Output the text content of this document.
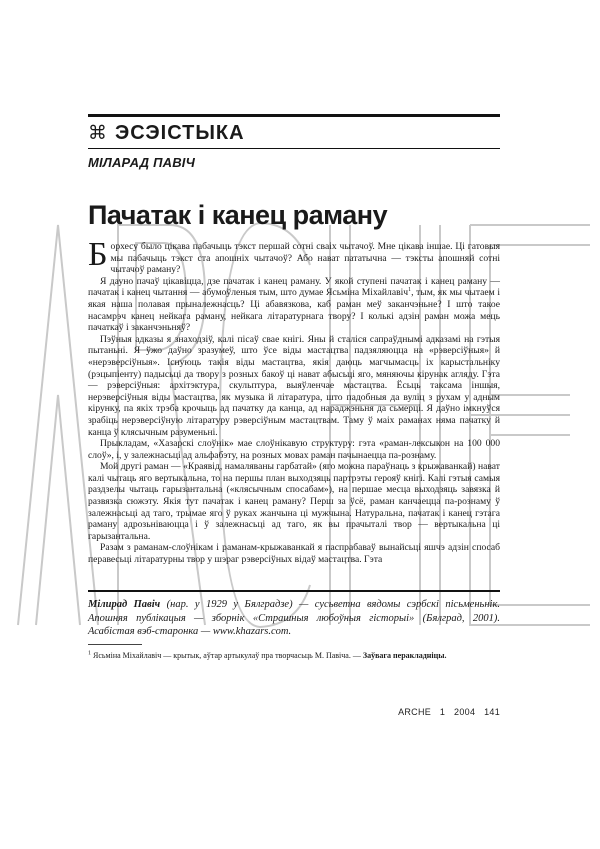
⌘ ЭСЭІСТЫКА
МІЛАРАД ПАВІЧ
Пачатак і канец раману

Борхесу было цікава пабачыць тэкст першай сотні сваіх чытачоў. Мне цікава іншае. Ці гатовыя мы пабачыць тэкст ста апошніх чытачоў? Або нават пататычна — тэксты апошняй сотні чытачоў раману?

Я дауно пачаў цікавіцца, дзе пачатак і канец раману. У якой ступені пачатак і канец раману — пачатак і канец чытання — абумоўленыя тым, што думае Ясьміна Міхайлавіч$^1$, тым, як мы чытаем і якая наша полавая прыналежнасць? Ці абавязкова, каб раман меў заканчэньне? І што такое насамрэч канец нейкага раману, нейкага літаратурнага твору? І колькі адзін раман можа мець пачаткаў і заканчэньняў?

Пэўныя адказы я знаходзіў, калі пісаў свае кнігі. Яны й сталіся сапраўднымі адказамі на гэтыя пытаньні. Я ўжо даўно зразумеў, што ўсе віды мастацтва падзяляюцца на «рэверсіўныя» й «нерэверсіўныя». Існуюць такія віды мастацтва, якія даюць магчымасць іх карыстальніку (рэцыпіенту) падысьці да твору з розных бакоў ці нават абысьці яго, мяняючы кірунак агляду. Гэта — рэверсіўныя: архітэктура, скульптура, выяўленчае мастацтва. Ёсьць таксама іншыя, нерэверсіўныя віды мастацтва, як музыка й літаратура, што падобныя да вуліц з рухам у адным кірунку, па якіх трэба крочыць ад пачатку да канца, ад нараджэньня да сьмерці. Я даўно імкнуўся зрабіць нерэверсіўную літаратуру рэверсіўным мастацтвам. Таму ў маіх раманах няма пачатку й канца ў клясычным разуменьні.

Прыкладам, «Хазарскі слоўнік» мае слоўнікавую структуру: гэта «раман-лексыкон на 100 000 слоў», і, у залежнасьці ад альфабэту, на розных мовах раман пачынаецца па-рознаму.

Мой другі раман — «Краявід, намаляваны гарбатай» (яго можна параўнаць з крыжаванкай) нават калі чытаць яго вертыкальна, то на першы план выходзяць партрэты герояў кнігі. Калі гэтыя самыя раздзелы чытаць гарызантальна («клясычным спосабам»), на першае месца выходзяць завязка й развязка сюжэту. Якія тут пачатак і канец раману? Перш за ўсё, раман канчаецца па-рознаму ў залежнасьці ад таго, трымае яго ў руках жанчына ці мужчына. Натуральна, пачатак і канец гэтага раману адрозьніваюцца і ў залежнасьці ад таго, як вы прачыталі твор — вертыкальна ці гарызантальна.

Разам з раманам-слоўнікам і раманам-крыжаванкай я паспрабаваў вынайсьці яшчэ адзін спосаб перавесьці літаратурны твор у шэраг рэверсіўных відаў мастацтва. Гэта

Мілирад Павіч (нар. у 1929 у Бялградзе) — сусьветна вядомы сэрбскі пісьменьнік. Апошняя публікацыя — зборнік «Страшныя любоўныя гісторыі» (Бялград, 2001). Асабістая вэб-старонка — www.khazars.com.
$^1$ Ясьміна Міхайлавіч — крытык, аўтар артыкулаў пра творчасьць М. Павіча. — Заўвага перакладніцы.
ARCHE 1 2004 141
